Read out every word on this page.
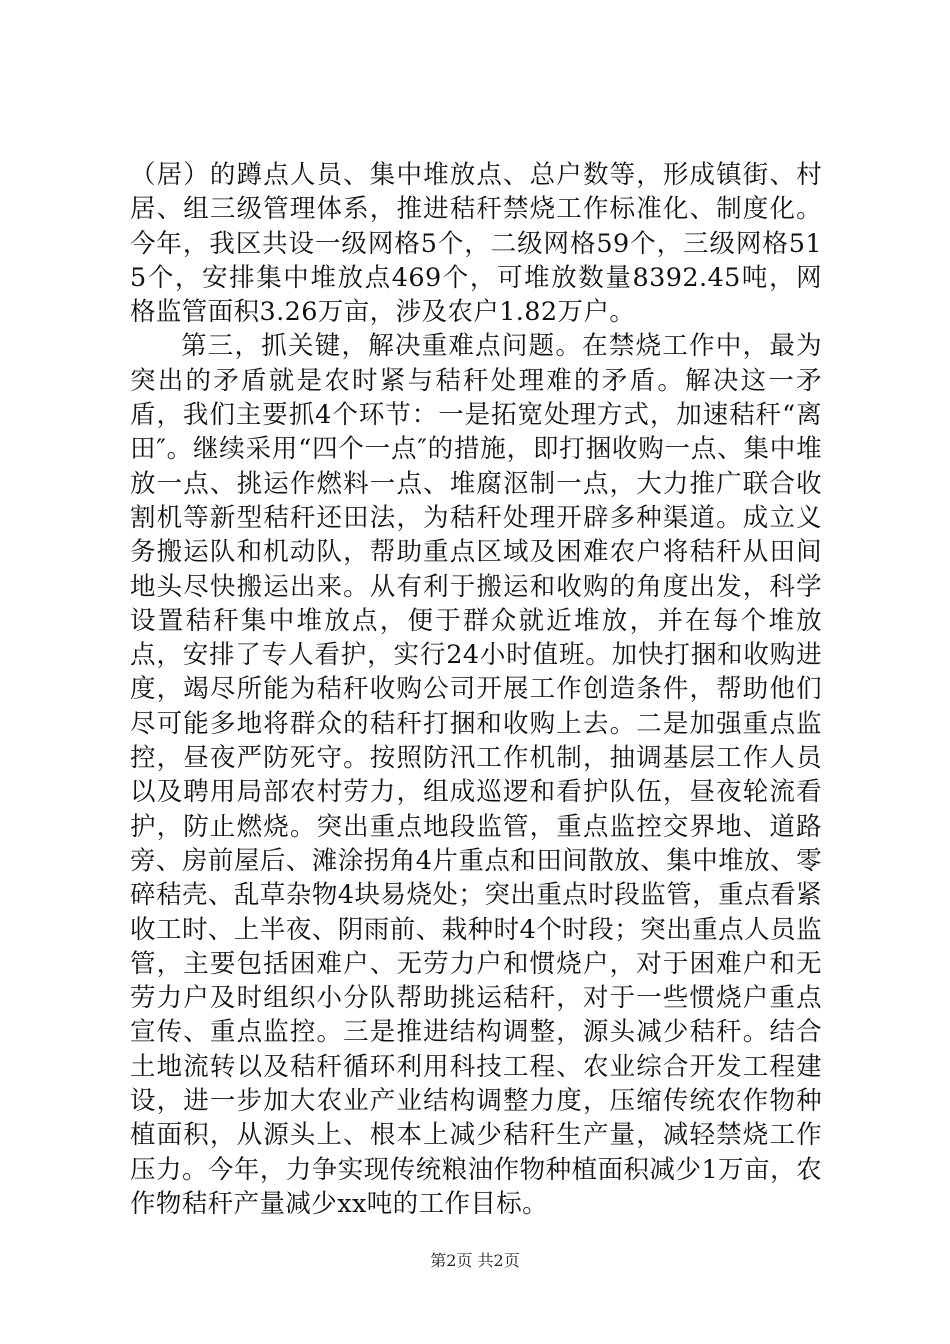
（居）的蹲点人员、集中堆放点、总户数等，形成镇街、村居、组三级管理体系，推进秸秆禁烧工作标准化、制度化。今年，我区共设一级网格5个，二级网格59个，三级网格515个，安排集中堆放点469个，可堆放数量8392.45吨，网格监管面积3.26万亩，涉及农户1.82万户。

第三，抓关键，解决重难点问题。在禁烧工作中，最为突出的矛盾就是农时紧与秸秆处理难的矛盾。解决这一矛盾，我们主要抓4个环节：一是拓宽处理方式，加速秸秆“离田″。继续采用“四个一点″的措施，即打捆收购一点、集中堆放一点、挑运作燃料一点、堆腐沤制一点，大力推广联合收割机等新型秸秆还田法，为秸秆处理开辟多种渠道。成立义务搬运队和机动队，帮助重点区域及困难农户将秸秆从田间地头尽快搬运出来。从有利于搬运和收购的角度出发，科学设置秸秆集中堆放点，便于群众就近堆放，并在每个堆放点，安排了专人看护，实行24小时值班。加快打捆和收购进度，竭尽所能为秸秆收购公司开展工作创造条件，帮助他们尽可能多地将群众的秸秆打捆和收购上去。二是加强重点监控，昼夜严防死守。按照防汛工作机制，抽调基层工作人员以及聘用局部农村劳力，组成巡逻和看护队伍，昼夜轮流看护，防止燃烧。突出重点地段监管，重点监控交界地、道路旁、房前屋后、滩涂拐角4片重点和田间散放、集中堆放、零碎秸壳、乱草杂物4块易烧处；突出重点时段监管，重点看紧收工时、上半夜、阴雨前、栽种时4个时段；突出重点人员监管，主要包括困难户、无劳力户和惯烧户，对于困难户和无劳力户及时组织小分队帮助挑运秸秆，对于一些惯烧户重点宣传、重点监控。三是推进结构调整，源头减少秸秆。结合土地流转以及秸秆循环利用科技工程、农业综合开发工程建设，进一步加大农业产业结构调整力度，压缩传统农作物种植面积，从源头上、根本上减少秸秆生产量，减轻禁烧工作压力。今年，力争实现传统粮油作物种植面积减少1万亩，农作物秸秆产量减少xx吨的工作目标。

第2页 共2页
